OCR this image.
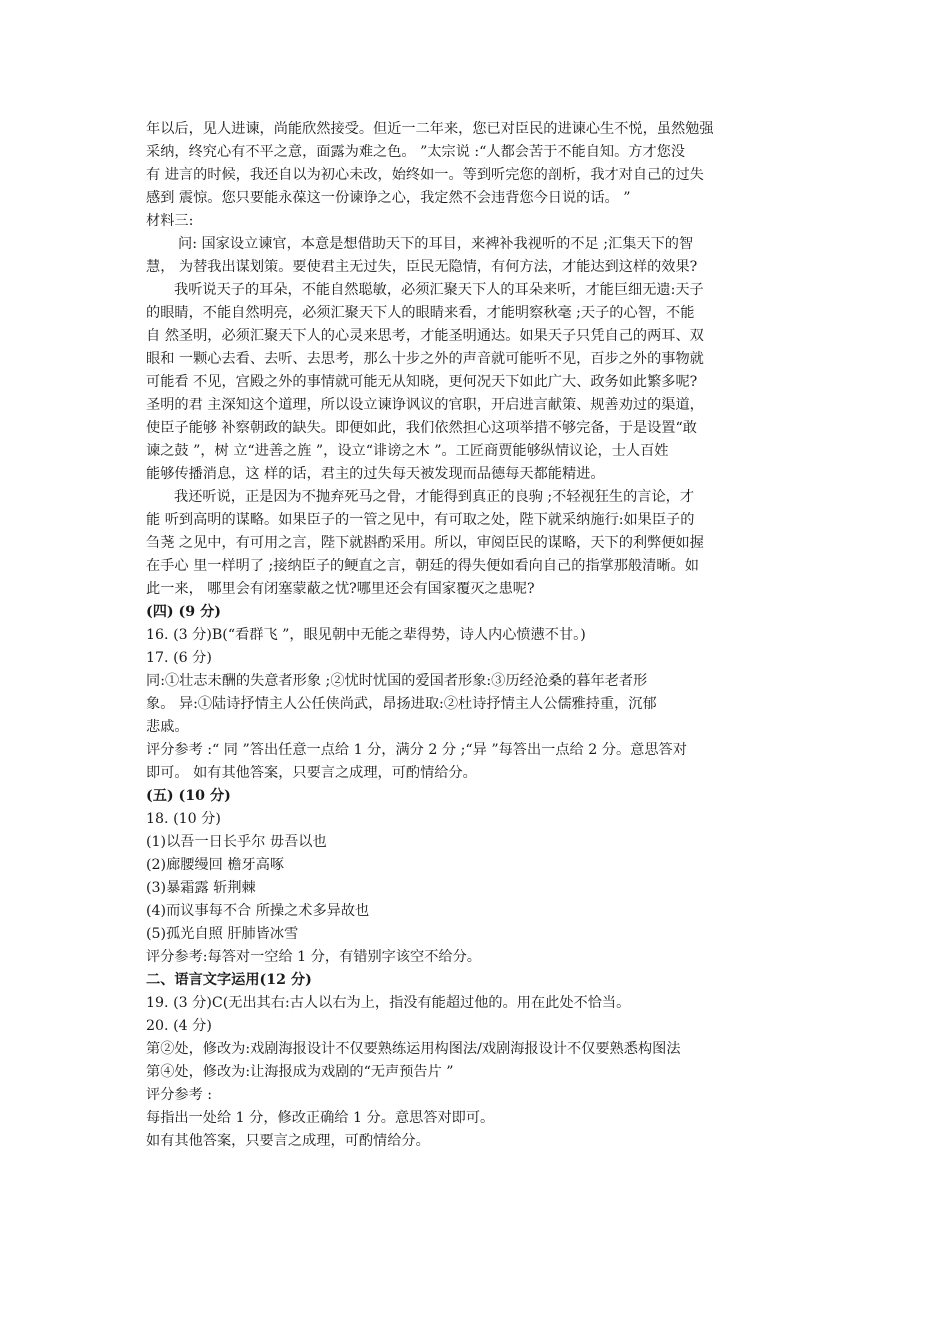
年以后，见人进谏，尚能欣然接受。但近一二年来，您已对臣民的进谏心生不悦，虽然勉强
采纳，终究心有不平之意，面露为难之色。 ”太宗说 :“人都会苦于不能自知。方才您没
有 进言的时候，我还自以为初心未改，始终如一。等到听完您的剖析，我才对自己的过失
感到 震惊。您只要能永葆这一份谏诤之心，我定然不会违背您今日说的话。 ”
材料三:
问: 国家设立谏官，本意是想借助天下的耳目，来裨补我视听的不足 ;汇集天下的智
慧， 为替我出谋划策。要使君主无过失，臣民无隐情，有何方法，才能达到这样的效果?
我听说天子的耳朵，不能自然聪敏，必须汇聚天下人的耳朵来听，才能巨细无遗:天子
的眼睛，不能自然明亮，必须汇聚天下人的眼睛来看，才能明察秋毫 ;天子的心智，不能
自 然圣明，必须汇聚天下人的心灵来思考，才能圣明通达。如果天子只凭自己的两耳、双
眼和 一颗心去看、去听、去思考，那么十步之外的声音就可能听不见，百步之外的事物就
可能看 不见，宫殿之外的事情就可能无从知晓，更何况天下如此广大、政务如此繁多呢?
圣明的君 主深知这个道理，所以设立谏诤讽议的官职，开启进言献策、规善劝过的渠道，
使臣子能够 补察朝政的缺失。即便如此，我们依然担心这项举措不够完备，于是设置“敢
谏之鼓 ”，树 立“进善之旌 ”，设立“诽谤之木 ”。工匠商贾能够纵情议论，士人百姓
能够传播消息，这 样的话，君主的过失每天被发现而品德每天都能精进。
我还听说，正是因为不抛弃死马之骨，才能得到真正的良驹 ;不轻视狂生的言论，才
能 听到高明的谋略。如果臣子的一管之见中，有可取之处，陛下就采纳施行:如果臣子的
刍荛 之见中，有可用之言，陛下就斟酌采用。所以，审阅臣民的谋略，天下的利弊便如握
在手心 里一样明了 ;接纳臣子的鲠直之言，朝廷的得失便如看向自己的指掌那般清晰。如
此一来， 哪里会有闭塞蒙蔽之忧?哪里还会有国家覆灭之患呢?
(四) (9 分)
16. (3 分)B(“看群飞 ”，眼见朝中无能之辈得势，诗人内心愤懑不甘。)
17. (6 分)
同:①壮志未酬的失意者形象 ;②忧时忧国的爱国者形象:③历经沧桑的暮年老者形
象。 异:①陆诗抒情主人公任侠尚武，昂扬进取:②杜诗抒情主人公儒雅持重，沉郁
悲戚。
评分参考 :“ 同 ”答出任意一点给 1 分，满分 2 分 ;“异 ”每答出一点给 2 分。意思答对
即可。 如有其他答案，只要言之成理，可酌情给分。
(五) (10 分)
18. (10 分)
(1)以吾一日长乎尔 毋吾以也
(2)廊腰缦回 檐牙高啄
(3)暴霜露 斩荆棘
(4)而议事每不合 所操之术多异故也
(5)孤光自照 肝肺皆冰雪
评分参考:每答对一空给 1 分，有错别字该空不给分。
二、语言文字运用(12 分)
19. (3 分)C(无出其右:古人以右为上，指没有能超过他的。用在此处不恰当。
20. (4 分)
第②处，修改为:戏剧海报设计不仅要熟练运用构图法/戏剧海报设计不仅要熟悉构图法
第④处，修改为:让海报成为戏剧的“无声预告片 ”
评分参考 :
每指出一处给 1 分，修改正确给 1 分。意思答对即可。
如有其他答案，只要言之成理，可酌情给分。
